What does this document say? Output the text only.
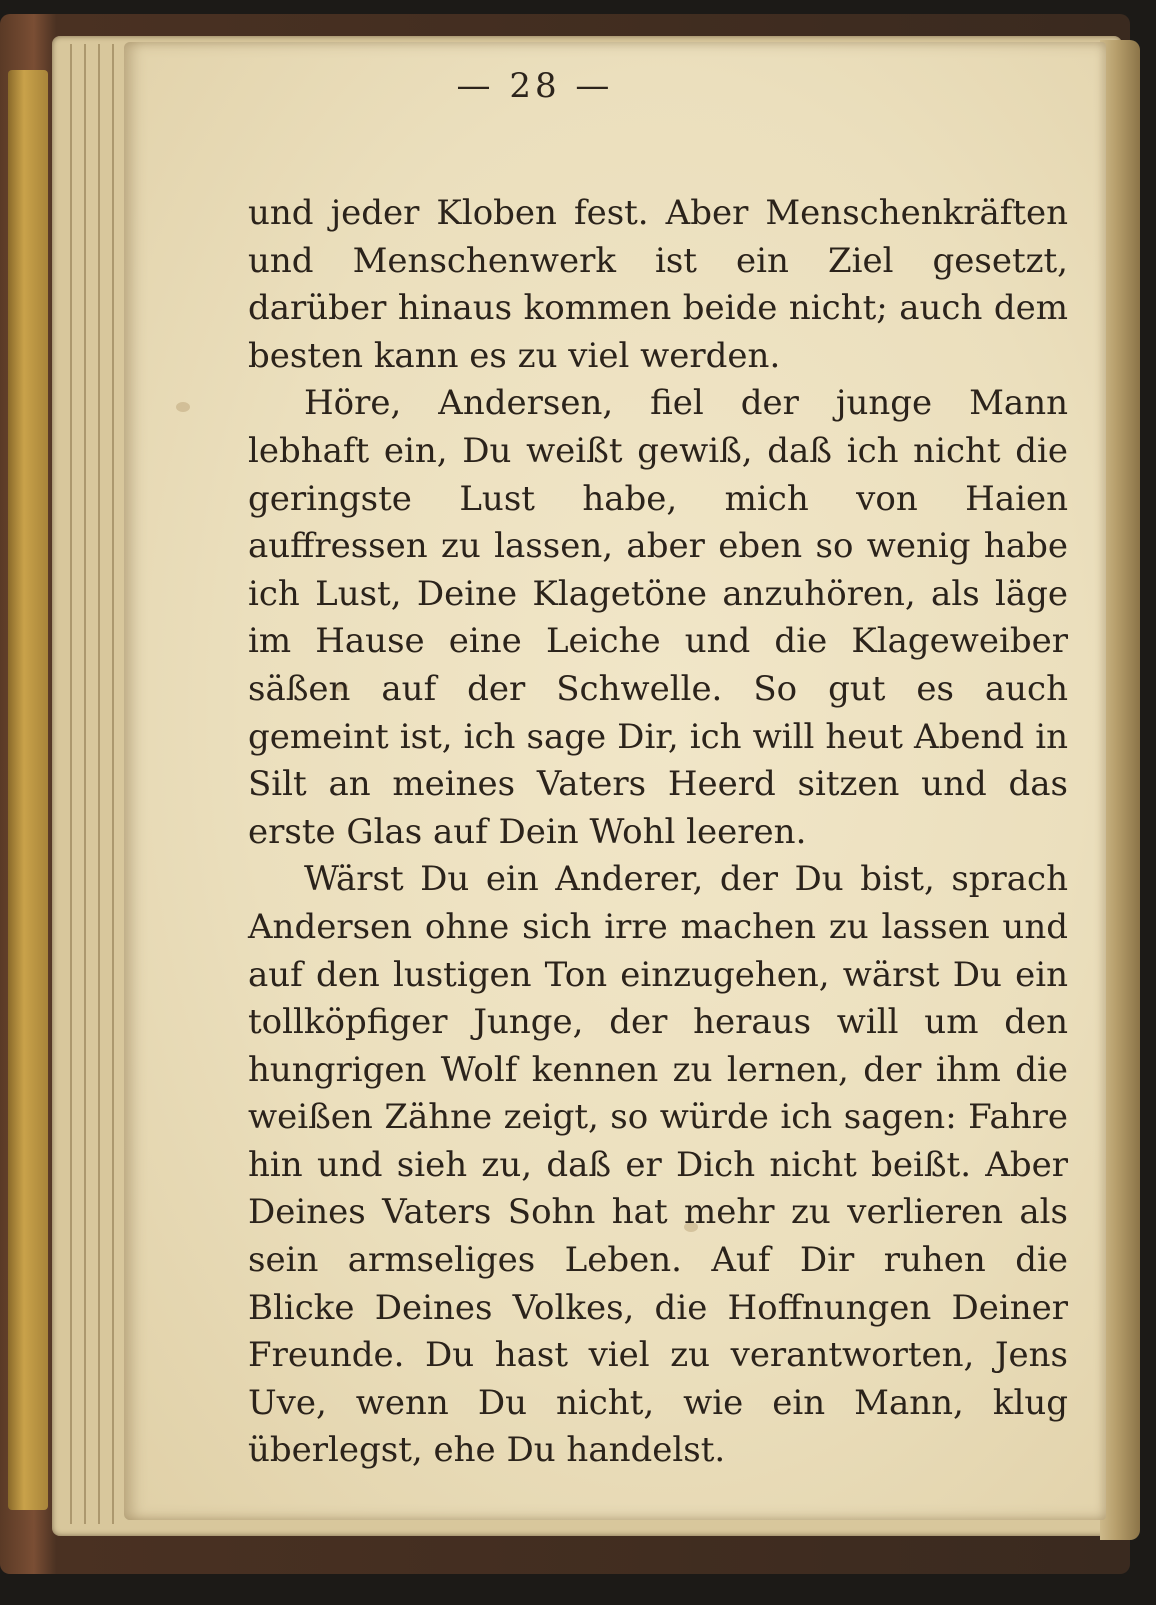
— 28 —

und jeder Kloben fest. Aber Menschenkräften und Menschenwerk ist ein Ziel gesetzt, darüber hinaus kommen beide nicht; auch dem besten kann es zu viel werden.

Höre, Andersen, fiel der junge Mann lebhaft ein, Du weißt gewiß, daß ich nicht die geringste Lust habe, mich von Haien auffressen zu lassen, aber eben so wenig habe ich Lust, Deine Klagetöne anzuhören, als läge im Hause eine Leiche und die Klageweiber säßen auf der Schwelle. So gut es auch gemeint ist, ich sage Dir, ich will heut Abend in Silt an meines Vaters Heerd sitzen und das erste Glas auf Dein Wohl leeren.

Wärst Du ein Anderer, der Du bist, sprach Andersen ohne sich irre machen zu lassen und auf den lustigen Ton einzugehen, wärst Du ein tollköpfiger Junge, der heraus will um den hungrigen Wolf kennen zu lernen, der ihm die weißen Zähne zeigt, so würde ich sagen: Fahre hin und sieh zu, daß er Dich nicht beißt. Aber Deines Vaters Sohn hat mehr zu verlieren als sein armseliges Leben. Auf Dir ruhen die Blicke Deines Volkes, die Hoffnungen Deiner Freunde. Du hast viel zu verantworten, Jens Uve, wenn Du nicht, wie ein Mann, klug überlegst, ehe Du handelst.
